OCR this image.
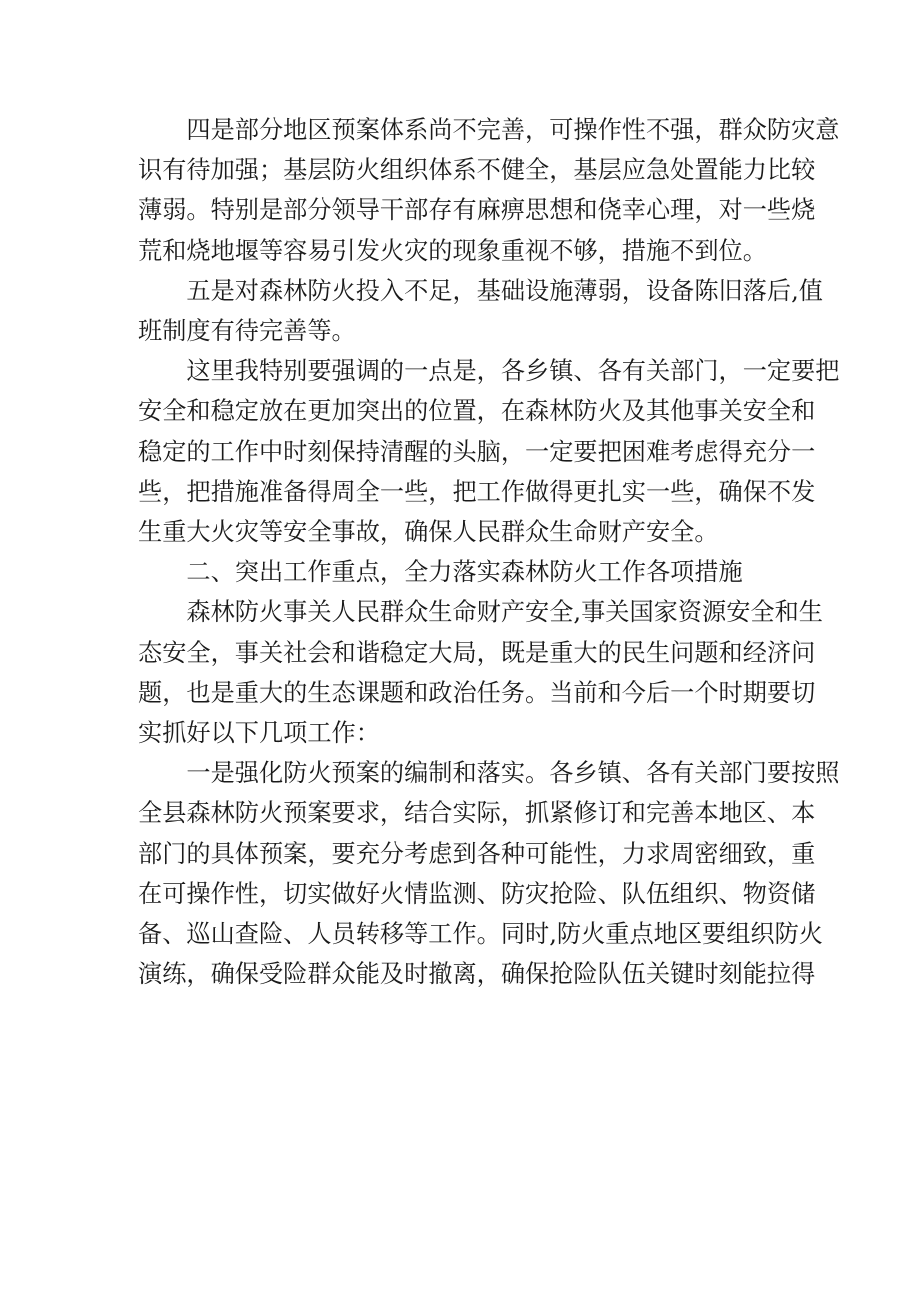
四是部分地区预案体系尚不完善，可操作性不强，群众防灾意
识有待加强；基层防火组织体系不健全，基层应急处置能力比较
薄弱。特别是部分领导干部存有麻痹思想和侥幸心理，对一些烧
荒和烧地堰等容易引发火灾的现象重视不够，措施不到位。
五是对森林防火投入不足，基础设施薄弱，设备陈旧落后,值
班制度有待完善等。
这里我特别要强调的一点是，各乡镇、各有关部门，一定要把
安全和稳定放在更加突出的位置，在森林防火及其他事关安全和
稳定的工作中时刻保持清醒的头脑，一定要把困难考虑得充分一
些，把措施准备得周全一些，把工作做得更扎实一些，确保不发
生重大火灾等安全事故，确保人民群众生命财产安全。
二、突出工作重点，全力落实森林防火工作各项措施
森林防火事关人民群众生命财产安全,事关国家资源安全和生
态安全，事关社会和谐稳定大局，既是重大的民生问题和经济问
题，也是重大的生态课题和政治任务。当前和今后一个时期要切
实抓好以下几项工作：
一是强化防火预案的编制和落实。各乡镇、各有关部门要按照
全县森林防火预案要求，结合实际，抓紧修订和完善本地区、本
部门的具体预案，要充分考虑到各种可能性，力求周密细致，重
在可操作性，切实做好火情监测、防灾抢险、队伍组织、物资储
备、巡山查险、人员转移等工作。同时,防火重点地区要组织防火
演练，确保受险群众能及时撤离，确保抢险队伍关键时刻能拉得
